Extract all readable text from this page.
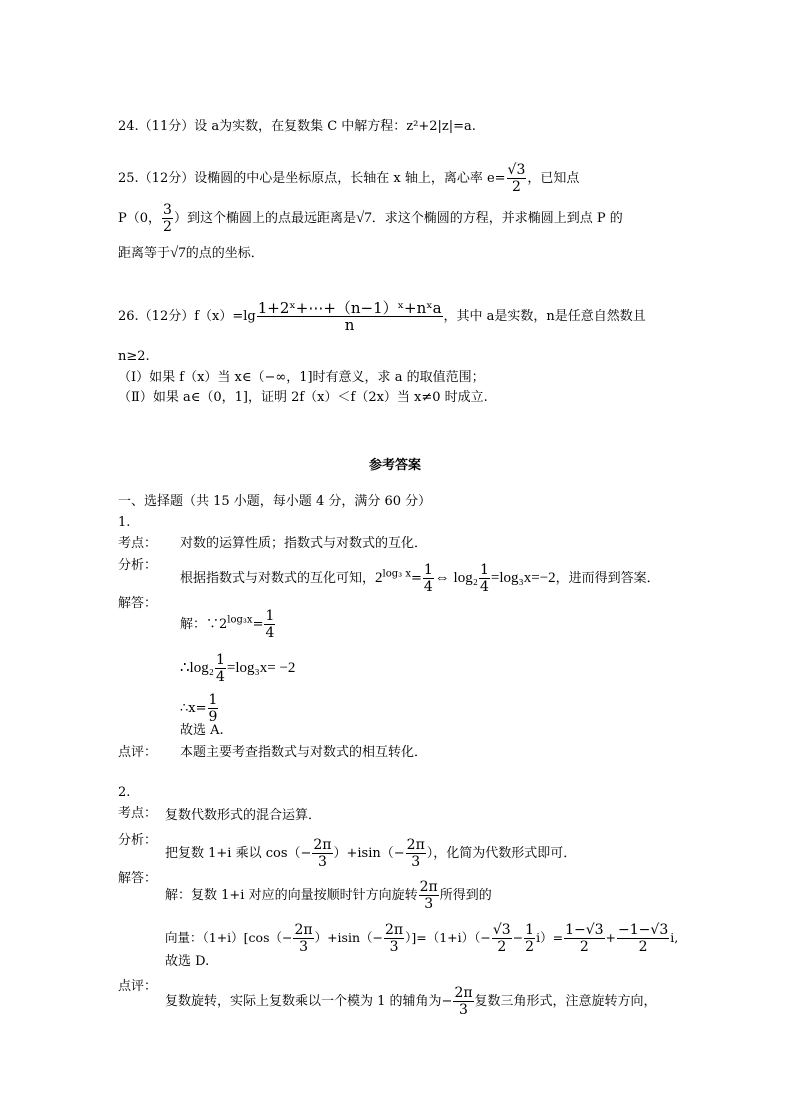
24.（11分）设 a为实数，在复数集 C 中解方程：z²+2|z|=a.
25.（12分）设椭圆的中心是坐标原点，长轴在 x 轴上，离心率 $e= \frac{√3}{2}$ ，已知点
P（0， $\frac{3}{2}$ ）到这个椭圆上的点最远距离是√7．求这个椭圆的方程，并求椭圆上到点 P 的
距离等于√7的点的坐标．
26.（12分）$f(x)=\lg \frac{\text{1+2ˣ+⋯+（n−1）ˣ+nˣa}}{n}$ ，其中 a是实数，n是任意自然数且
n≥2.
（Ⅰ）如果 f（x）当 x∈（−∞，1]时有意义，求 a 的取值范围；
（Ⅱ）如果 a∈（0，1]，证明 2f（x）＜f（2x）当 x≠0 时成立.
参考答案
一、选择题（共 15 小题，每小题 4 分，满分 60 分）
1.
考点： 对数的运算性质；指数式与对数式的互化．
分析：
根据指数式与对数式的互化可知，$2^{log_3 x}= \frac{1}{4}$ ⇔ $\log_2 \frac{1}{4} =\log_3x=-2$，进而得到答案．
解答：
解：$\because 2^{log_3x}= \frac{1}{4}$
∴log₂ $\frac{1}{4} =\log_3x= -2$
∴x= $\frac{1}{9}$
故选 A.
点评： 本题主要考查指数式与对数式的相互转化．
2.
考点： 复数代数形式的混合运算．
分析：
把复数 1+i 乘以 $\cos(- \frac{2\pi}{3} )+isin(- \frac{2\pi}{3}$ ），化简为代数形式即可．
解答：
解：复数 1+i 对应的向量按顺时针方向旋转 $\frac{2\pi}{3}$ 所得到的
向量：$(1+i)[\cos(- \frac{2\pi}{3} )+isin(- \frac{2\pi}{3} )]=(1+i)(- \frac{√3}{2} - \frac{1}{2} i)= \frac{1-√3}{2} + \frac{-1-√3}{2} i$,
故选 D.
点评：
复数旋转，实际上复数乘以一个模为 1 的辅角为− $\frac{2\pi}{3}$ 复数三角形式，注意旋转方向，
